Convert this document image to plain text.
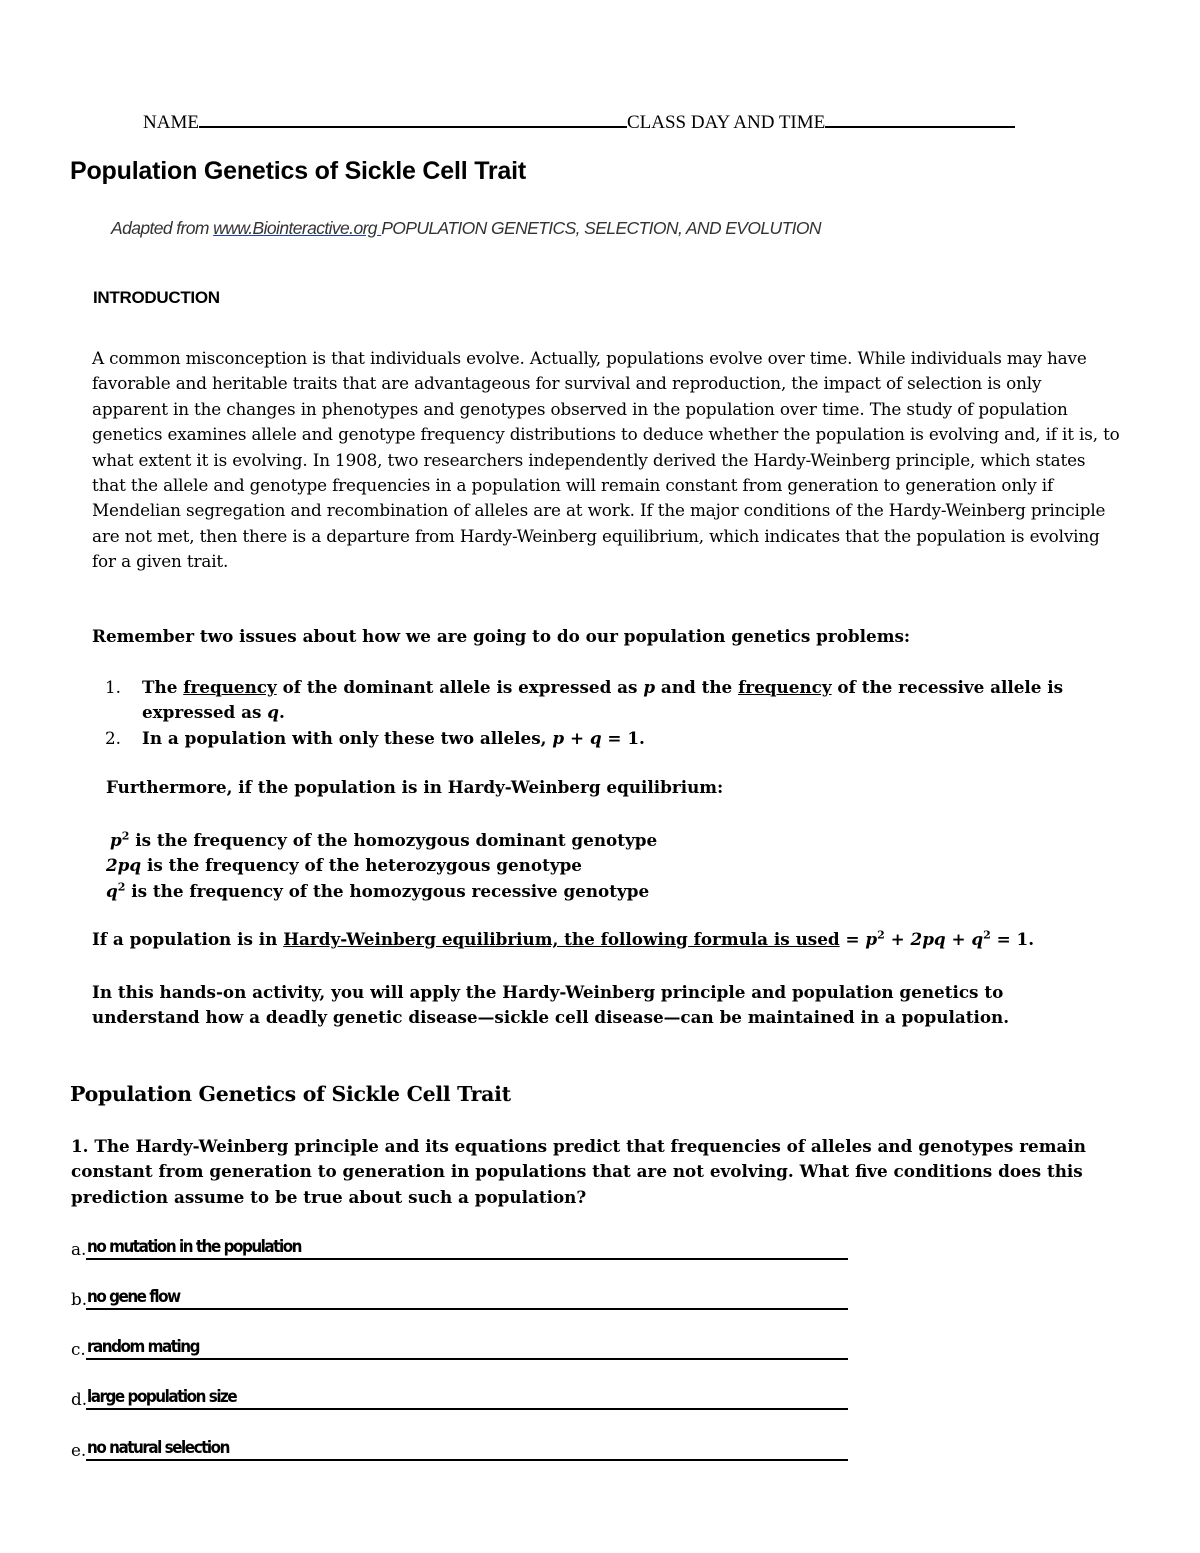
NAME	CLASS DAY AND TIME
Population Genetics of Sickle Cell Trait
Adapted from www.Biointeractive.org POPULATION GENETICS, SELECTION, AND EVOLUTION
INTRODUCTION
A common misconception is that individuals evolve. Actually, populations evolve over time. While individuals may have favorable and heritable traits that are advantageous for survival and reproduction, the impact of selection is only apparent in the changes in phenotypes and genotypes observed in the population over time. The study of population genetics examines allele and genotype frequency distributions to deduce whether the population is evolving and, if it is, to what extent it is evolving. In 1908, two researchers independently derived the Hardy-Weinberg principle, which states that the allele and genotype frequencies in a population will remain constant from generation to generation only if Mendelian segregation and recombination of alleles are at work. If the major conditions of the Hardy-Weinberg principle are not met, then there is a departure from Hardy-Weinberg equilibrium, which indicates that the population is evolving for a given trait.
Remember two issues about how we are going to do our population genetics problems:
1. The frequency of the dominant allele is expressed as p and the frequency of the recessive allele is expressed as q.
2. In a population with only these two alleles, p + q = 1.
Furthermore, if the population is in Hardy-Weinberg equilibrium:
$p^2$ is the frequency of the homozygous dominant genotype
2pq is the frequency of the heterozygous genotype
$q^2$ is the frequency of the homozygous recessive genotype
If a population is in Hardy-Weinberg equilibrium, the following formula is used = $p^2 + 2pq + q^2 = 1$.
In this hands-on activity, you will apply the Hardy-Weinberg principle and population genetics to understand how a deadly genetic disease—sickle cell disease—can be maintained in a population.
Population Genetics of Sickle Cell Trait
1. The Hardy-Weinberg principle and its equations predict that frequencies of alleles and genotypes remain constant from generation to generation in populations that are not evolving. What five conditions does this prediction assume to be true about such a population?
a. no mutation in the population
b. no gene flow
c. random mating
d. large population size
e. no natural selection
